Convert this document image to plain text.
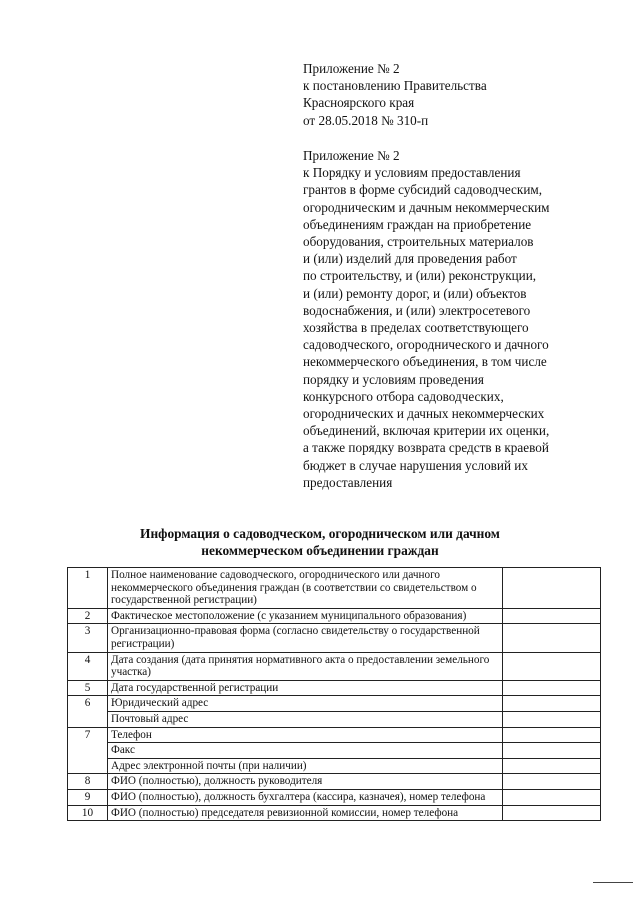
Приложение № 2
к постановлению Правительства
Красноярского края
от 28.05.2018 № 310-п
Приложение № 2
к Порядку и условиям предоставления
грантов в форме субсидий садоводческим,
огородническим и дачным некоммерческим
объединениям граждан на приобретение
оборудования, строительных материалов
и (или) изделий для проведения работ
по строительству, и (или) реконструкции,
и (или) ремонту дорог, и (или) объектов
водоснабжения, и (или) электросетевого
хозяйства в пределах соответствующего
садоводческого, огороднического и дачного
некоммерческого объединения, в том числе
порядку и условиям проведения
конкурсного отбора садоводческих,
огороднических и дачных некоммерческих
объединений, включая критерии их оценки,
а также порядку возврата средств в краевой
бюджет в случае нарушения условий их
предоставления
Информация о садоводческом, огородническом или дачном
некоммерческом объединении граждан
1	Полное наименование садоводческого, огороднического или дачного некоммерческого объединения граждан (в соответствии со свидетельством о государственной регистрации)	
2	Фактическое местоположение (с указанием муниципального образования)	
3	Организационно-правовая форма (согласно свидетельству о государственной регистрации)	
4	Дата создания (дата принятия нормативного акта о предоставлении земельного участка)	
5	Дата государственной регистрации	
6	Юридический адрес	
	Почтовый адрес	
7	Телефон	
	Факс	
	Адрес электронной почты (при наличии)	
8	ФИО (полностью), должность руководителя	
9	ФИО (полностью), должность бухгалтера (кассира, казначея), номер телефона	
10	ФИО (полностью) председателя ревизионной комиссии, номер телефона	
